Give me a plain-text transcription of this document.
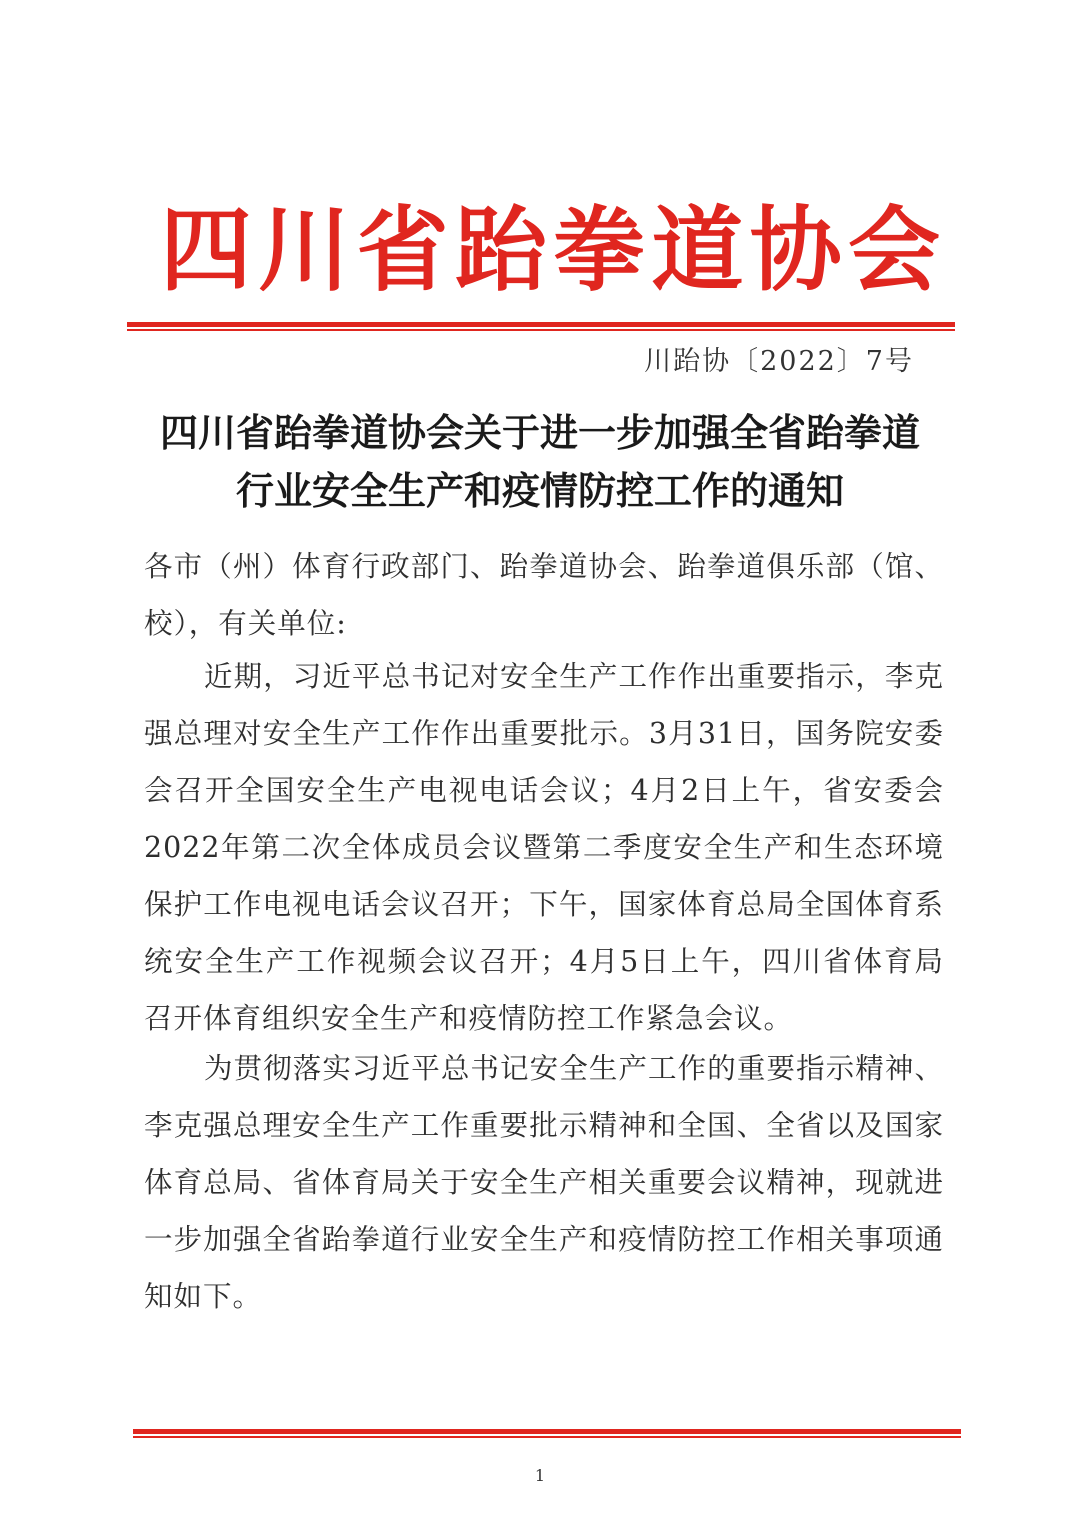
四 川 省 跆 拳 道 协 会
川跆协〔2022〕7号
四川省跆拳道协会关于进一步加强全省跆拳道
行业安全生产和疫情防控工作的通知

各市（州）体育行政部门、跆拳道协会、跆拳道俱乐部（馆、校），有关单位:

近期，习近平总书记对安全生产工作作出重要指示，李克强总理对安全生产工作作出重要批示。3月31日，国务院安委会召开全国安全生产电视电话会议；4月2日上午，省安委会2022年第二次全体成员会议暨第二季度安全生产和生态环境保护工作电视电话会议召开；下午，国家体育总局全国体育系统安全生产工作视频会议召开；4月5日上午，四川省体育局召开体育组织安全生产和疫情防控工作紧急会议。

为贯彻落实习近平总书记安全生产工作的重要指示精神、李克强总理安全生产工作重要批示精神和全国、全省以及国家体育总局、省体育局关于安全生产相关重要会议精神，现就进一步加强全省跆拳道行业安全生产和疫情防控工作相关事项通知如下。

1
